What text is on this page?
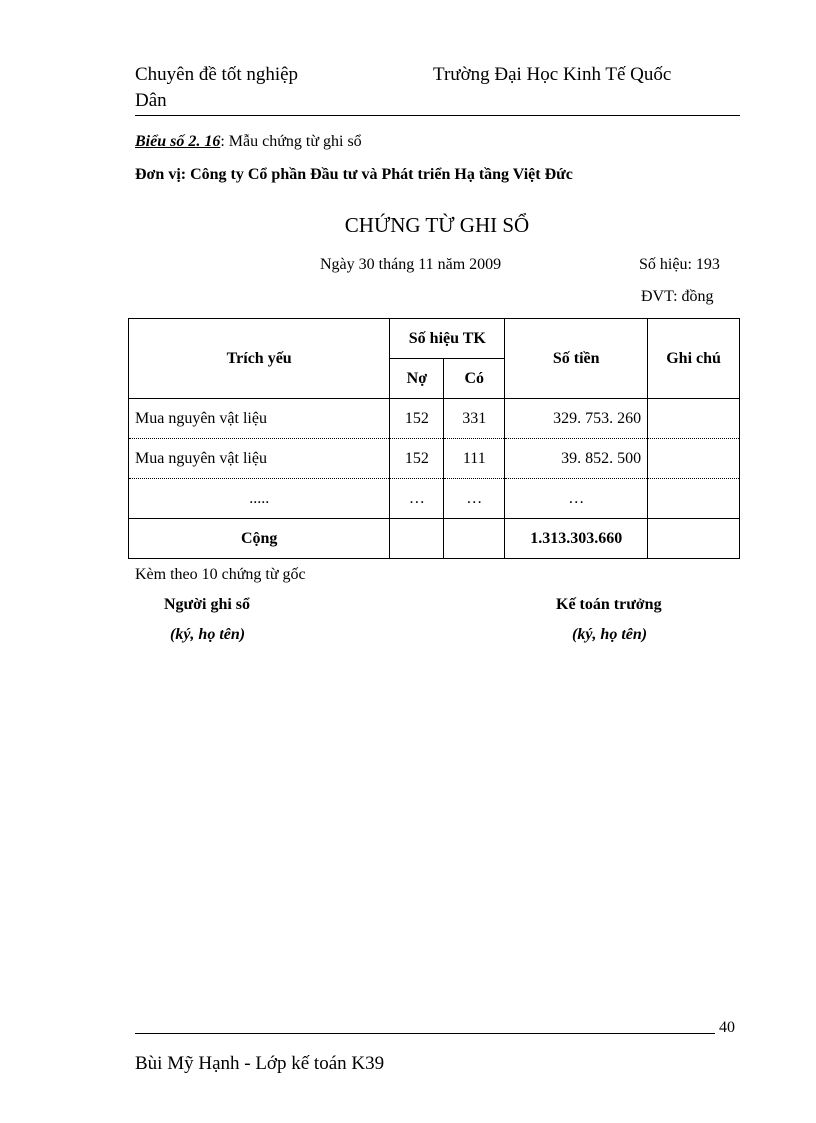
Chuyên đề tốt nghiệp	Trường Đại Học Kinh Tế Quốc
Dân
Biểu số 2. 16: Mẫu chứng từ ghi sổ
Đơn vị: Công ty Cổ phần Đầu tư và Phát triển Hạ tầng Việt Đức
CHỨNG TỪ GHI SỔ
Ngày 30 tháng 11 năm 2009	Số hiệu: 193
ĐVT: đồng
Trích yếu	Số hiệu TK		Số tiền	Ghi chú
	Nợ	Có		
Mua nguyên vật liệu	152	331	329. 753. 260	
Mua nguyên vật liệu	152	111	39. 852. 500	
.....	…	…	…	
Cộng			1.313.303.660	
Kèm theo 10 chứng từ gốc
Người ghi sổ
(ký, họ tên)
Kế toán trưởng
(ký, họ tên)
40
Bùi Mỹ Hạnh - Lớp kế toán K39
